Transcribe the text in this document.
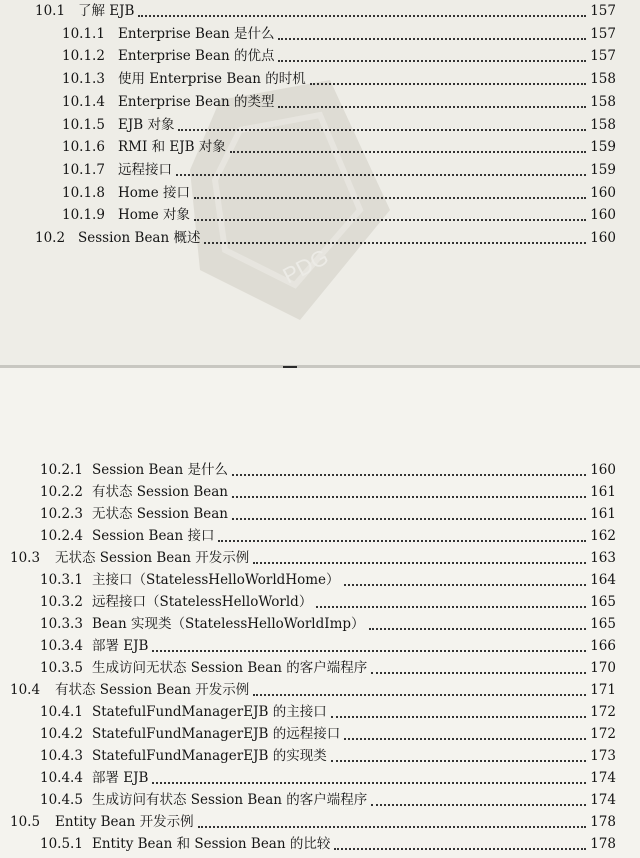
PDG
10.1 了解 EJB	157
10.1.1 Enterprise Bean 是什么	157
10.1.2 Enterprise Bean 的优点	157
10.1.3 使用 Enterprise Bean 的时机	158
10.1.4 Enterprise Bean 的类型	158
10.1.5 EJB 对象	158
10.1.6 RMI 和 EJB 对象	159
10.1.7 远程接口	159
10.1.8 Home 接口	160
10.1.9 Home 对象	160
10.2 Session Bean 概述	160
10.2.1 Session Bean 是什么	160
10.2.2 有状态 Session Bean	161
10.2.3 无状态 Session Bean	161
10.2.4 Session Bean 接口	162
10.3 无状态 Session Bean 开发示例	163
10.3.1 主接口（StatelessHelloWorldHome）	164
10.3.2 远程接口（StatelessHelloWorld）	165
10.3.3 Bean 实现类（StatelessHelloWorldImp）	165
10.3.4 部署 EJB	166
10.3.5 生成访问无状态 Session Bean 的客户端程序	170
10.4 有状态 Session Bean 开发示例	171
10.4.1 StatefulFundManagerEJB 的主接口	172
10.4.2 StatefulFundManagerEJB 的远程接口	172
10.4.3 StatefulFundManagerEJB 的实现类	173
10.4.4 部署 EJB	174
10.4.5 生成访问有状态 Session Bean 的客户端程序	174
10.5 Entity Bean 开发示例	178
10.5.1 Entity Bean 和 Session Bean 的比较	178
